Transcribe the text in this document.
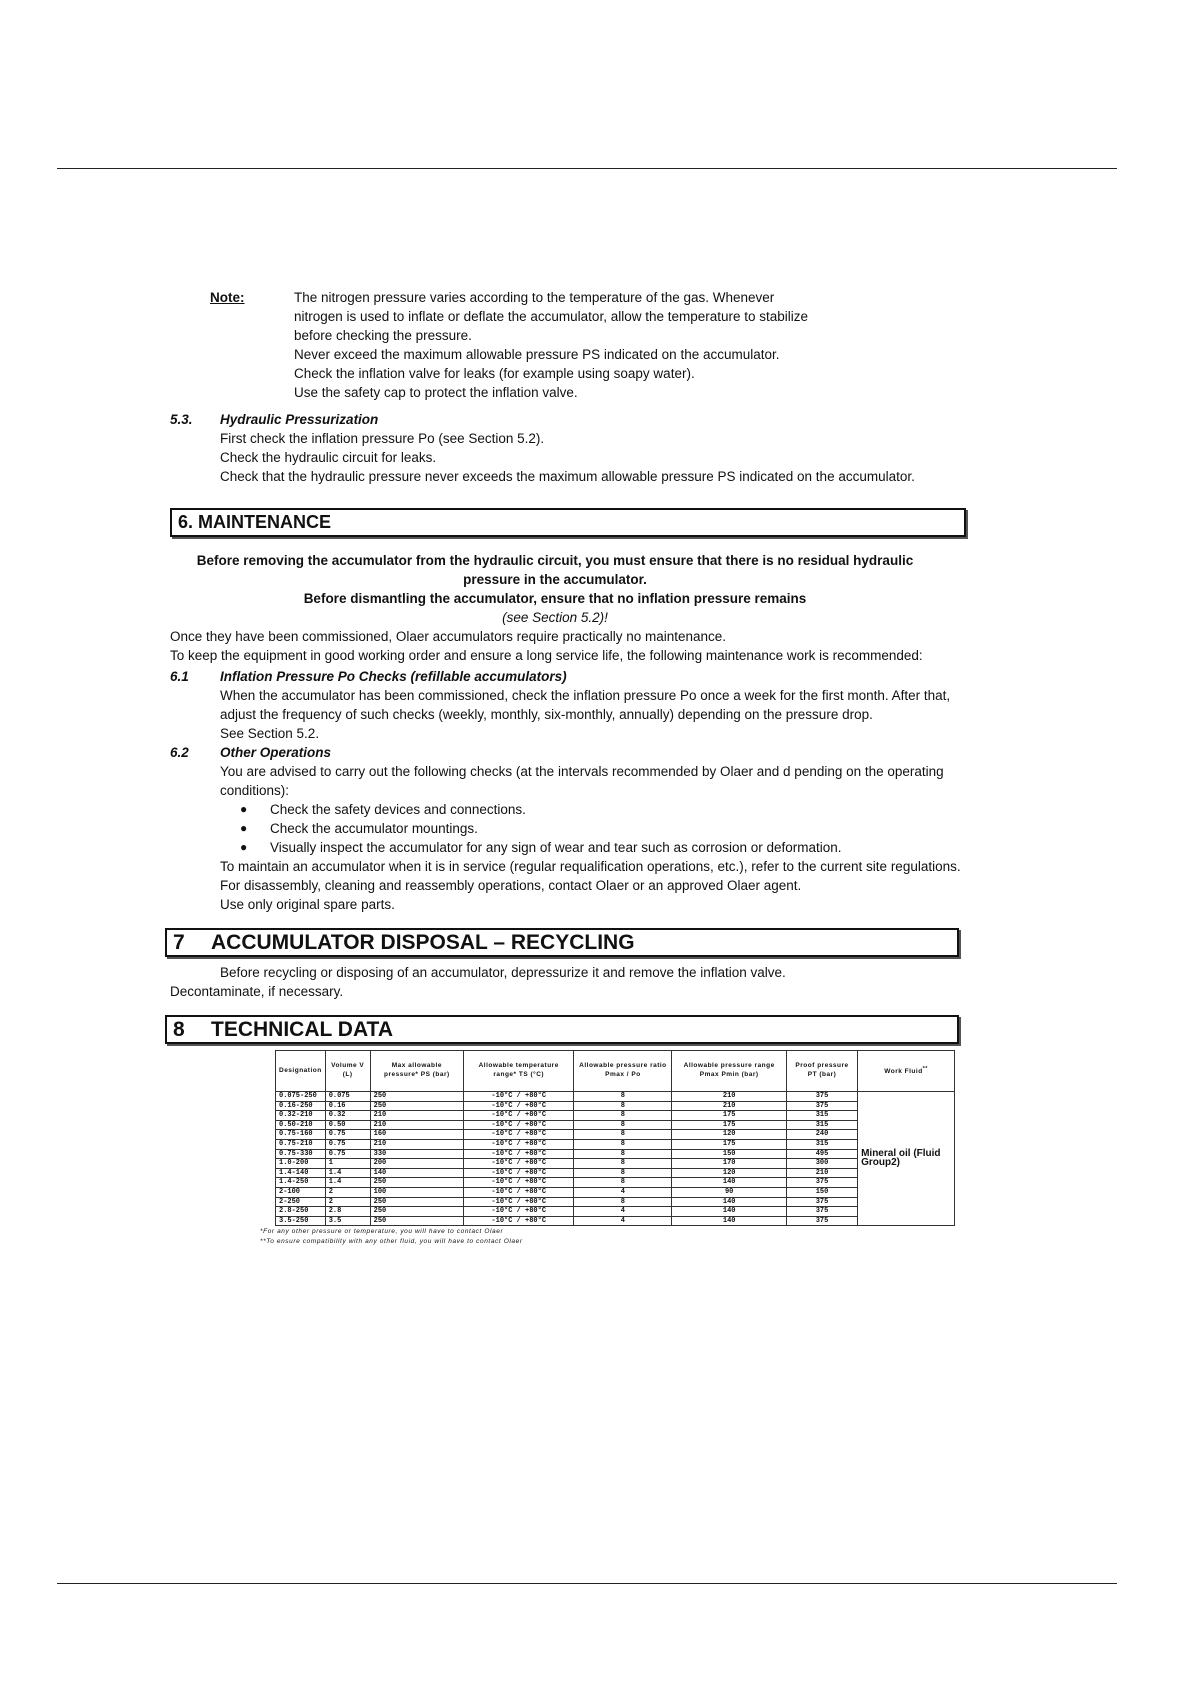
Note:	The nitrogen pressure varies according to the temperature of the gas. Whenever
nitrogen is used to inflate or deflate the accumulator, allow the temperature to stabilize
before checking the pressure.
Never exceed the maximum allowable pressure PS indicated on the accumulator.
Check the inflation valve for leaks (for example using soapy water).
Use the safety cap to protect the inflation valve.
5.3.	Hydraulic Pressurization
First check the inflation pressure Po (see Section 5.2).
Check the hydraulic circuit for leaks.
Check that the hydraulic pressure never exceeds the maximum allowable pressure PS indicated on the accumulator.
6. MAINTENANCE
Before removing the accumulator from the hydraulic circuit, you must ensure that there is no residual hydraulic pressure in the accumulator.
Before dismantling the accumulator, ensure that no inflation pressure remains
(see Section 5.2)!
Once they have been commissioned, Olaer accumulators require practically no maintenance.
To keep the equipment in good working order and ensure a long service life, the following maintenance work is recommended:
6.1	Inflation Pressure Po Checks (refillable accumulators)
When the accumulator has been commissioned, check the inflation pressure Po once a week for the first month. After that, adjust the frequency of such checks (weekly, monthly, six-monthly, annually) depending on the pressure drop.
See Section 5.2.
6.2	Other Operations
You are advised to carry out the following checks (at the intervals recommended by Olaer and d pending on the operating conditions):
● Check the safety devices and connections.
● Check the accumulator mountings.
● Visually inspect the accumulator for any sign of wear and tear such as corrosion or deformation.
To maintain an accumulator when it is in service (regular requalification operations, etc.), refer to the current site regulations.
For disassembly, cleaning and reassembly operations, contact Olaer or an approved Olaer agent.
Use only original spare parts.
7 ACCUMULATOR DISPOSAL – RECYCLING
Before recycling or disposing of an accumulator, depressurize it and remove the inflation valve.
Decontaminate, if necessary.
8 TECHNICAL DATA
Designation	Volume V (L)	Max allowable pressure* PS (bar)	Allowable temperature range* TS (°C)	Allowable pressure ratio Pmax / Po	Allowable pressure range Pmax Pmin (bar)	Proof pressure PT (bar)	Work Fluid**
0.075-250	0.075	250	-10°C / +80°C	8	210	375	Mineral oil (Fluid Group2)
0.16-250	0.16	250	-10°C / +80°C	8	210	375	
0.32-210	0.32	210	-10°C / +80°C	8	175	315	
0.50-210	0.50	210	-10°C / +80°C	8	175	315	
0.75-160	0.75	160	-10°C / +80°C	8	120	240	
0.75-210	0.75	210	-10°C / +80°C	8	175	315	
0.75-330	0.75	330	-10°C / +80°C	8	150	495	
1.0-200	1	200	-10°C / +80°C	8	170	300	
1.4-140	1.4	140	-10°C / +80°C	8	120	210	
1.4-250	1.4	250	-10°C / +80°C	8	140	375	
2-100	2	100	-10°C / +80°C	4	90	150	
2-250	2	250	-10°C / +80°C	8	140	375	
2.8-250	2.8	250	-10°C / +80°C	4	140	375	
3.5-250	3.5	250	-10°C / +80°C	4	140	375	
*For any other pressure or temperature, you will have to contact Olaer
**To ensure compatibility with any other fluid, you will have to contact Olaer
